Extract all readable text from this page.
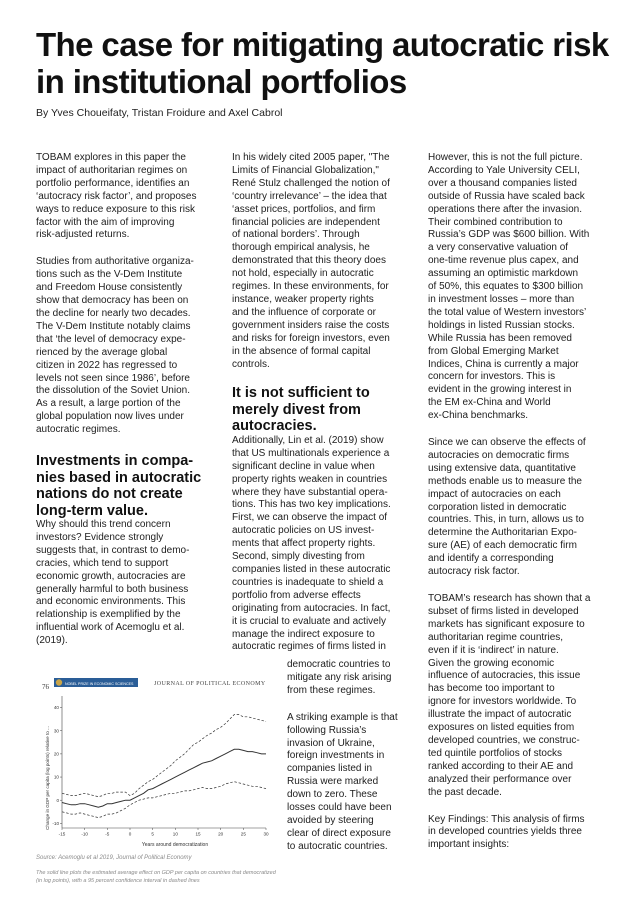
The case for mitigating autocratic risk in institutional portfolios
By Yves Choueifaty, Tristan Froidure and Axel Cabrol

TOBAM explores in this paper the
impact of authoritarian regimes on
portfolio performance, identifies an
‘autocracy risk factor’, and proposes
ways to reduce exposure to this risk
factor with the aim of improving
risk-adjusted returns.

Studies from authoritative organiza-
tions such as the V-Dem Institute
and Freedom House consistently
show that democracy has been on
the decline for nearly two decades.
The V-Dem Institute notably claims
that ‘the level of democracy expe-
rienced by the average global
citizen in 2022 has regressed to
levels not seen since 1986’, before
the dissolution of the Soviet Union.
As a result, a large portion of the
global population now lives under
autocratic regimes.

Investments in compa-
nies based in autocratic
nations do not create
long-term value.

Why should this trend concern
investors? Evidence strongly
suggests that, in contrast to demo-
cracies, which tend to support
economic growth, autocracies are
generally harmful to both business
and economic environments. This
relationship is exemplified by the
influential work of Acemoglu et al.
(2019).

In his widely cited 2005 paper, "The
Limits of Financial Globalization,"
René Stulz challenged the notion of
‘country irrelevance’ – the idea that
‘asset prices, portfolios, and firm
financial policies are independent
of national borders’. Through
thorough empirical analysis, he
demonstrated that this theory does
not hold, especially in autocratic
regimes. In these environments, for
instance, weaker property rights
and the influence of corporate or
government insiders raise the costs
and risks for foreign investors, even
in the absence of formal capital
controls.

It is not sufficient to
merely divest from
autocracies.

Additionally, Lin et al. (2019) show
that US multinationals experience a
significant decline in value when
property rights weaken in countries
where they have substantial opera-
tions. This has two key implications.
First, we can observe the impact of
autocratic policies on US invest-
ments that affect property rights.
Second, simply divesting from
companies listed in these autocratic
countries is inadequate to shield a
portfolio from adverse effects
originating from autocracies. In fact,
it is crucial to evaluate and actively
manage the indirect exposure to
autocratic regimes of firms listed in

democratic countries to
mitigate any risk arising
from these regimes.

A striking example is that
following Russia’s
invasion of Ukraine,
foreign investments in
companies listed in
Russia were marked
down to zero. These
losses could have been
avoided by steering
clear of direct exposure
to autocratic countries.

However, this is not the full picture.
According to Yale University CELI,
over a thousand companies listed
outside of Russia have scaled back
operations there after the invasion.
Their combined contribution to
Russia’s GDP was $600 billion. With
a very conservative valuation of
one-time revenue plus capex, and
assuming an optimistic markdown
of 50%, this equates to $300 billion
in investment losses – more than
the total value of Western investors’
holdings in listed Russian stocks.
While Russia has been removed
from Global Emerging Market
Indices, China is currently a major
concern for investors. This is
evident in the growing interest in
the EM ex-China and World
ex-China benchmarks.

Since we can observe the effects of
autocracies on democratic firms
using extensive data, quantitative
methods enable us to measure the
impact of autocracies on each
corporation listed in democratic
countries. This, in turn, allows us to
determine the Authoritarian Expo-
sure (AE) of each democratic firm
and identify a corresponding
autocracy risk factor.

TOBAM’s research has shown that a
subset of firms listed in developed
markets has significant exposure to
authoritarian regime countries,
even if it is ‘indirect’ in nature.
Given the growing economic
influence of autocracies, this issue
has become too important to
ignore for investors worldwide. To
illustrate the impact of autocratic
exposures on listed equities from
developed countries, we construc-
ted quintile portfolios of stocks
ranked according to their AE and
analyzed their performance over
the past decade.

Key Findings: This analysis of firms
in developed countries yields three
important insights:

76	NOBEL PRIZE IN ECONOMIC SCIENCES	JOURNAL OF POLITICAL ECONOMY
Change in GDP per capita (log points) relative to ...
Years around democratization
-10
0
10
20
30
40
-15	-10	-5	0	5	10	15	20	25	30
Source: Acemoglu et al 2019, Journal of Political Economy
The solid line plots the estimated average effect on GDP per capita on countries that democratized (in log points), with a 95 percent confidence interval in dashed lines
